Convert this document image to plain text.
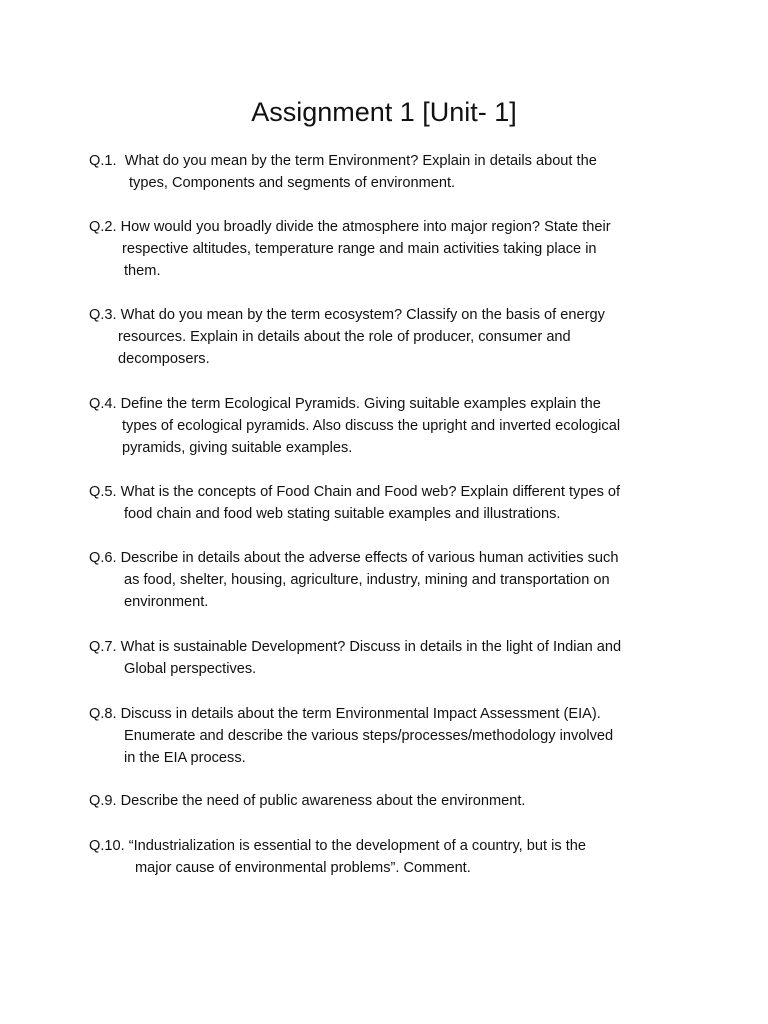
Assignment 1 [Unit- 1]
Q.1. What do you mean by the term Environment? Explain in details about the
types, Components and segments of environment.
Q.2. How would you broadly divide the atmosphere into major region? State their
respective altitudes, temperature range and main activities taking place in
them.
Q.3. What do you mean by the term ecosystem? Classify on the basis of energy
resources. Explain in details about the role of producer, consumer and
decomposers.
Q.4. Define the term Ecological Pyramids. Giving suitable examples explain the
types of ecological pyramids. Also discuss the upright and inverted ecological
pyramids, giving suitable examples.
Q.5. What is the concepts of Food Chain and Food web? Explain different types of
food chain and food web stating suitable examples and illustrations.
Q.6. Describe in details about the adverse effects of various human activities such
as food, shelter, housing, agriculture, industry, mining and transportation on
environment.
Q.7. What is sustainable Development? Discuss in details in the light of Indian and
Global perspectives.
Q.8. Discuss in details about the term Environmental Impact Assessment (EIA).
Enumerate and describe the various steps/processes/methodology involved
in the EIA process.
Q.9. Describe the need of public awareness about the environment.
Q.10. “Industrialization is essential to the development of a country, but is the
major cause of environmental problems”. Comment.
